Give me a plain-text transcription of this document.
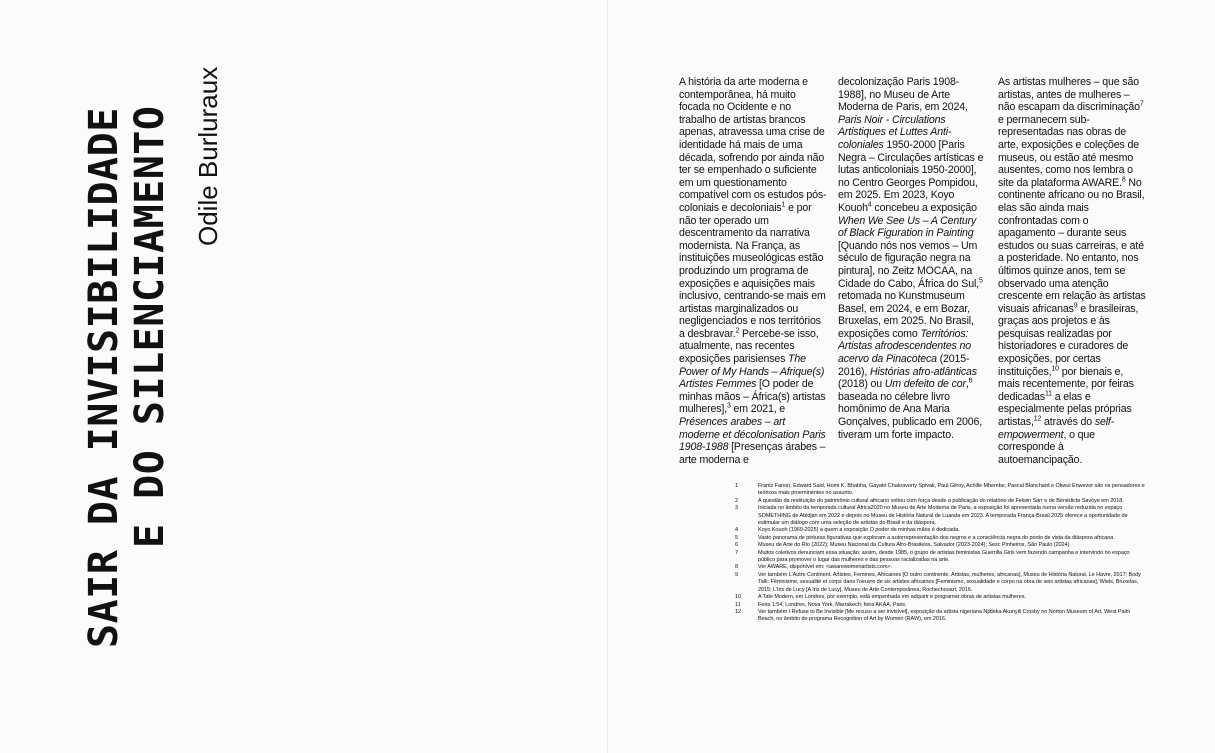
SAIR DA INVISIBILIDADE E DO SILENCIAMENTO Odile Burluraux	A história da arte moderna e contemporânea, há muito focada no Ocidente e no trabalho de artistas brancos apenas, atravessa uma crise de identidade há mais de uma década, sofrendo por ainda não ter se empenhado o suficiente em um questionamento compatível com os estudos pós-coloniais e decoloniais$^1$ e por não ter operado um descentramento da narrativa modernista. Na França, as instituições museológicas estão produzindo um programa de exposições e aquisições mais inclusivo, centrando-se mais em artistas marginalizados ou negligenciados e nos territórios a desbravar.$^2$ Percebe-se isso, atualmente, nas recentes exposições parisienses The Power of My Hands – Afrique(s) Artistes Femmes [O poder de minhas mãos – África(s) artistas mulheres],$^3$ em 2021, e Présences arabes – art moderne et décolonisation Paris 1908-1988 [Presenças árabes – arte moderna e

decolonização Paris 1908-1988], no Museu de Arte Moderna de Paris, em 2024, Paris Noir - Circulations Artistiques et Luttes Anti-coloniales 1950-2000 [Paris Negra – Circulações artísticas e lutas anticoloniais 1950-2000], no Centro Georges Pompidou, em 2025. Em 2023, Koyo Kouoh$^4$ concebeu a exposição When We See Us – A Century of Black Figuration in Painting [Quando nós nos vemos – Um século de figuração negra na pintura], no Zeitz MOCAA, na Cidade do Cabo, África do Sul,$^5$ retomada no Kunstmuseum Basel, em 2024, e em Bozar, Bruxelas, em 2025. No Brasil, exposições como Territórios: Artistas afrodescendentes no acervo da Pinacoteca (2015-2016), Histórias afro-atlânticas (2018) ou Um defeito de cor,$^6$ baseada no célebre livro homônimo de Ana Maria Gonçalves, publicado em 2006, tiveram um forte impacto.

As artistas mulheres – que são artistas, antes de mulheres – não escapam da discriminação$^7$ e permanecem sub-representadas nas obras de arte, exposições e coleções de museus, ou estão até mesmo ausentes, como nos lembra o site da plataforma AWARE.$^8$ No continente africano ou no Brasil, elas são ainda mais confrontadas com o apagamento – durante seus estudos ou suas carreiras, e até a posteridade. No entanto, nos últimos quinze anos, tem se observado uma atenção crescente em relação às artistas visuais africanas$^9$ e brasileiras, graças aos projetos e às pesquisas realizadas por historiadores e curadores de exposições, por certas instituições,$^{10}$ por bienais e, mais recentemente, por feiras dedicadas$^{11}$ a elas e especialmente pelas próprias artistas,$^{12}$ através do self-empowerment, o que corresponde à autoemancipação.

1	Frantz Fanon, Edward Said, Homi K. Bhabha, Gayatri Chakravorty Spivak, Paul Gilroy, Achille Mbembe, Pascal Blanchard e Okwui Enwezor são os pensadores e teóricos mais proeminentes no assunto.
2	A questão da restituição do patrimônio cultural africano voltou com força desde a publicação do relatório de Felwin Sarr e de Bénédicte Savoye em 2018.
3	Iniciada no âmbito da temporada cultural África2020 no Museu de Arte Moderna de Paris, a exposição foi apresentada numa versão reduzida no espaço SOMETHING de Abidjan em 2022 e depois no Museu de História Natural de Luanda em 2023. A temporada França-Brasil 2025 oferece a oportunidade de estimular um diálogo com uma seleção de artistas do Brasil e da diáspora.
4	Koyo Kouoh (1969-2025) a quem a exposição O poder de minhas mãos é dedicada.
5	Vasto panorama de pinturas figurativas que exploram a autorrepresentação dos negros e a consciência negra do ponto de vista da diáspora africana.
6	Museu de Arte do Rio (2022); Museu Nacional da Cultura Afro-Brasileira, Salvador (2023-2024); Sesc Pinheiros, São Paulo (2024).
7	Muitos coletivos denunciam essa situação; assim, desde 1985, o grupo de artistas feministas Guerrilla Girls vem fazendo campanha e intervindo no espaço público para promover o lugar das mulheres e das pessoas racializadas na arte.
8	Ver AWARE, disponível em: <awarewomenartists.com>.
9	Ver também L'Autre Continent. Artistes, Femmes, Africaines [O outro continente. Artistas, mulheres, africanas], Museu de História Natural, Le Havre, 2017; Body Talk: Féminisme, sexualité et corps dans l'oeuvre de six artistes africaines [Feminismo, sexualidade e corpo na obra de seis artistas africanas], Wiels, Bruxelas, 2015; L'Iris de Lucy [A íris de Lucy], Museu de Arte Contemporânea, Rochechouart, 2016.
10	A Tate Modern, em Londres, por exemplo, está empenhada em adquirir e programar obras de artistas mulheres.
11	Feira 1:54, Londres, Nova York, Marrakech; feira AKAA, Paris.
12	Ver também I Refuse to Be Invisible [Me recuso a ser invisível], exposição da artista nigeriana Njideka Akunyili Crosby no Norton Museum of Art, West Palm Beach, no âmbito do programa Recognition of Art by Women (RAW), em 2016.
